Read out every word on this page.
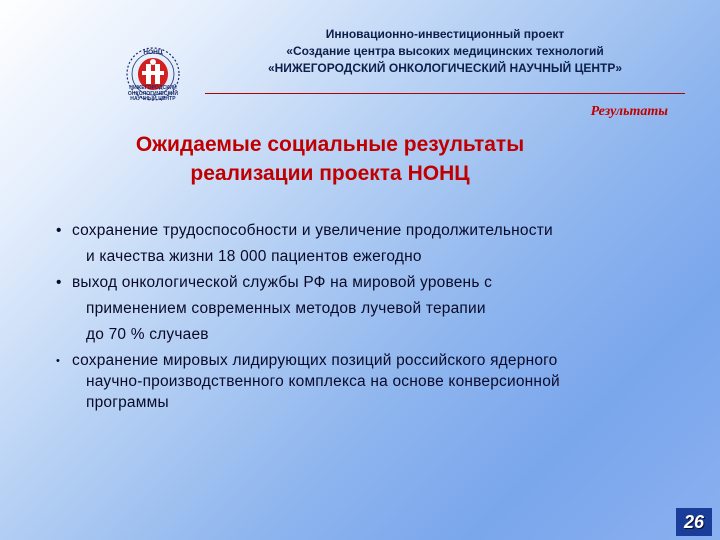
НОНЦ
НИЖЕГОРОДСКИЙ
ОНКОЛОГИЧЕСКИЙ
НАУЧНЫЙ ЦЕНТР
Инновационно-инвестиционный проект
«Создание центра высоких медицинских технологий
«НИЖЕГОРОДСКИЙ ОНКОЛОГИЧЕСКИЙ НАУЧНЫЙ ЦЕНТР»
Результаты
Ожидаемые социальные результаты
реализации проекта НОНЦ
• сохранение трудоспособности и увеличение продолжительности
и качества жизни 18 000 пациентов ежегодно
• выход онкологической службы РФ на мировой уровень с
применением современных методов лучевой терапии
до 70 % случаев
• сохранение мировых лидирующих позиций российского ядерного
научно-производственного комплекса на основе конверсионной
программы
26
